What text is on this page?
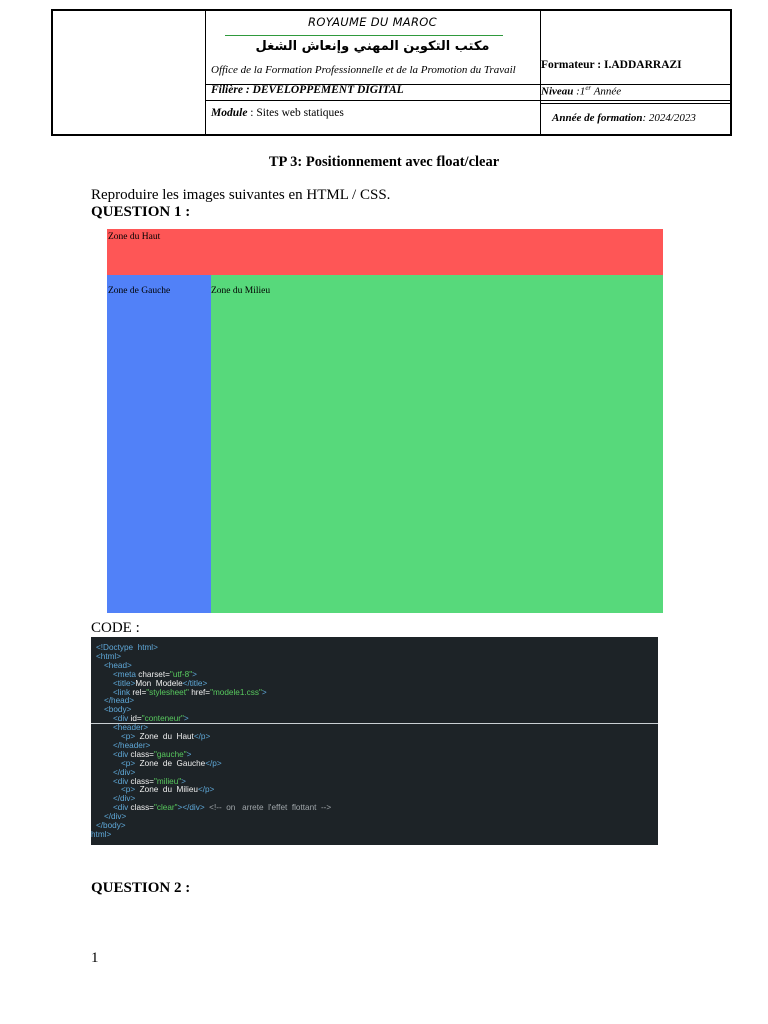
ROYAUME DU MAROC
مكتب التكوين المهني وإنعاش الشغل
Office de la Formation Professionnelle et de la Promotion du Travail Formateur : I.ADDARRAZI
Filière : DEVELOPPEMENT DIGITAL	Niveau :1er Année
Module : Sites web statiques	Année de formation: 2024/2023
TP 3: Positionnement avec float/clear
Reproduire les images suivantes en HTML / CSS.
QUESTION 1 :
Zone du Haut
Zone de Gauche	Zone du Milieu
CODE :
<!Doctype  html>
<html>
<head>
<meta charset="utf-8">
<title>Mon  Modele</title>
<link rel="stylesheet" href="modele1.css">
</head>
<body>
<div id="conteneur">
<header>
<p>  Zone  du  Haut</p>
</header>
<div class="gauche">
<p>  Zone  de  Gauche</p>
</div>
<div class="milieu">
<p>  Zone  du  Milieu</p>
</div>
<div class="clear"></div>  <!--  on   arrete  l'effet  flottant  -->
</div>
</body>
html>
QUESTION 2 :
1
